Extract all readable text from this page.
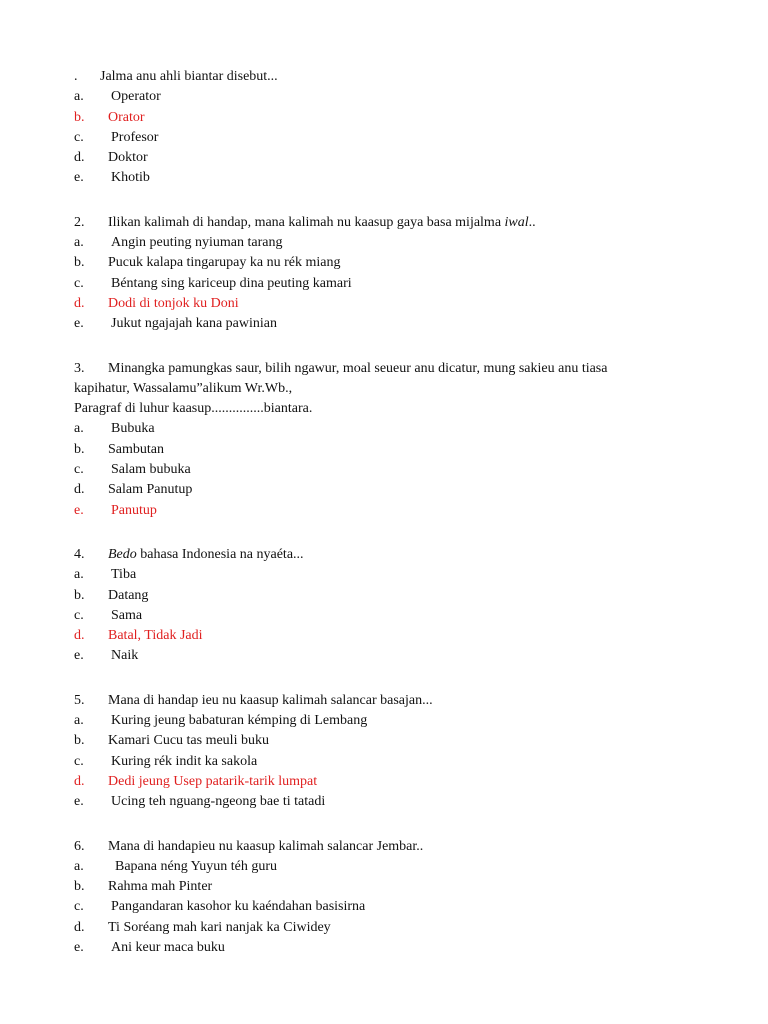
. Jalma anu ahli biantar disebut...
a. Operator
b. Orator
c. Profesor
d. Doktor
e. Khotib
2. Ilikan kalimah di handap, mana kalimah nu kaasup gaya basa mijalma iwal..
a. Angin peuting nyiuman tarang
b. Pucuk kalapa tingarupay ka nu rék miang
c. Béntang sing kariceup dina peuting kamari
d. Dodi di tonjok ku Doni
e. Jukut ngajajah kana pawinian
3. Minangka pamungkas saur, bilih ngawur, moal seueur anu dicatur, mung sakieu anu tiasa
kapihatur, Wassalamu”alikum Wr.Wb.,
Paragraf di luhur kaasup...............biantara.
a. Bubuka
b. Sambutan
c. Salam bubuka
d. Salam Panutup
e. Panutup
4. Bedo bahasa Indonesia na nyaéta...
a. Tiba
b. Datang
c. Sama
d. Batal, Tidak Jadi
e. Naik
5. Mana di handap ieu nu kaasup kalimah salancar basajan...
a. Kuring jeung babaturan kémping di Lembang
b. Kamari Cucu tas meuli buku
c. Kuring rék indit ka sakola
d. Dedi jeung Usep patarik-tarik lumpat
e. Ucing teh nguang-ngeong bae ti tatadi
6. Mana di handapieu nu kaasup kalimah salancar Jembar..
a. Bapana néng Yuyun téh guru
b. Rahma mah Pinter
c. Pangandaran kasohor ku kaéndahan basisirna
d. Ti Soréang mah kari nanjak ka Ciwidey
e. Ani keur maca buku
